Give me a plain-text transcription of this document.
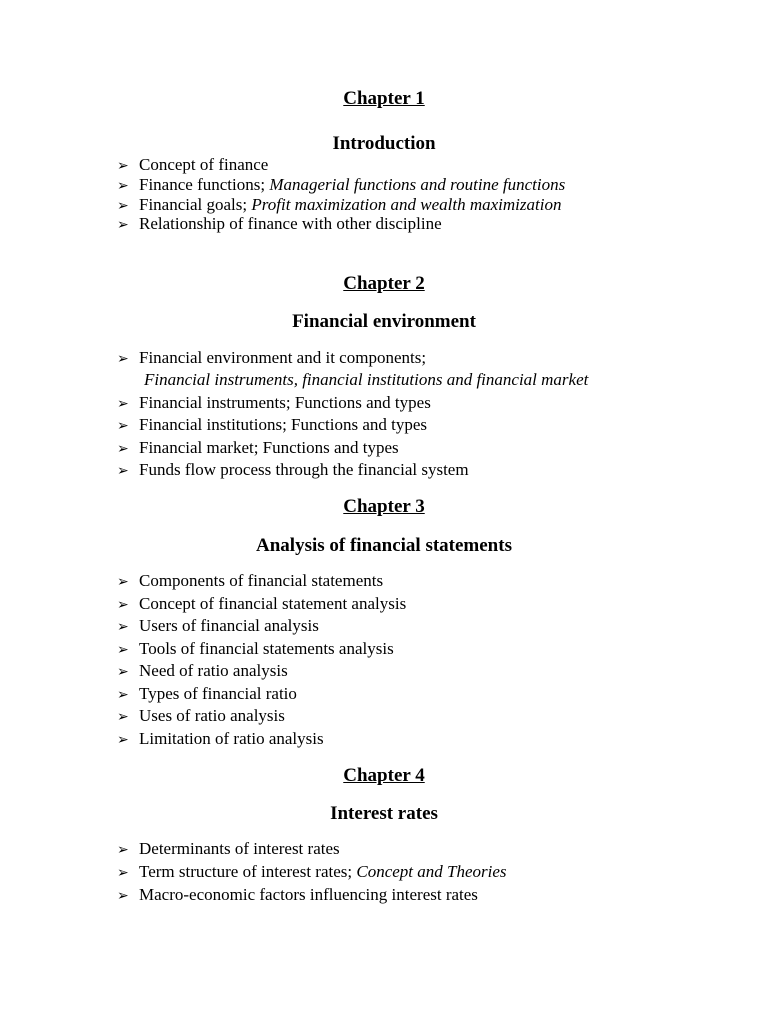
Chapter 1
Introduction
➢ Concept of finance
➢ Finance functions; Managerial functions and routine functions
➢ Financial goals; Profit maximization and wealth maximization
➢ Relationship of finance with other discipline
Chapter 2
Financial environment
➢ Financial environment and it components;
Financial instruments, financial institutions and financial market
➢ Financial instruments; Functions and types
➢ Financial institutions; Functions and types
➢ Financial market; Functions and types
➢ Funds flow process through the financial system
Chapter 3
Analysis of financial statements
➢ Components of financial statements
➢ Concept of financial statement analysis
➢ Users of financial analysis
➢ Tools of financial statements analysis
➢ Need of ratio analysis
➢ Types of financial ratio
➢ Uses of ratio analysis
➢ Limitation of ratio analysis
Chapter 4
Interest rates
➢ Determinants of interest rates
➢ Term structure of interest rates; Concept and Theories
➢ Macro-economic factors influencing interest rates
